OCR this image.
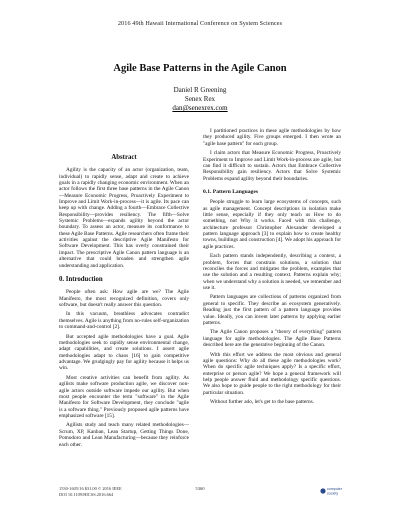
2016 49th Hawaii International Conference on System Sciences
Agile Base Patterns in the Agile Canon
Daniel R Greening
Senex Rex
dan@senexrex.com
Abstract

Agility is the capacity of an actor (organization, team, individual) to rapidly sense, adapt and create to achieve goals in a rapidly changing economic environment. When an actor follows the first three base patterns in the Agile Canon—Measure Economic Progress, Proactively Experiment to Improve and Limit Work-in-process—it is agile. Its pace can keep up with change. Adding a fourth—Embrace Collective Responsibility—provides resiliency. The fifth—Solve Systemic Problems—expands agility beyond the actor boundary. To assess an actor, measure its conformance to these Agile Base Patterns. Agile researchers often frame their activities against the descriptive Agile Manifesto for Software Development. This has overly constrained their impact. The prescriptive Agile Canon pattern language is an alternative that could broaden and strengthen agile understanding and application.

0. Introduction

People often ask: How agile are we? The Agile Manifesto, the most recognized definition, covers only software, but doesn't really answer this question.

In this vacuum, breathless advocates contradict themselves. Agile is anything from no-rules self-organization to command-and-control [2].

But accepted agile methodologies have a goal. Agile methodologies seek to rapidly sense environmental change, adapt capabilities, and create solutions. I assert agile methodologies adapt to chaos [16] to gain competitive advantage. We grudgingly pay for agility because it helps us win.

Most creative activities can benefit from agility. As agilists make software production agile, we discover non-agile actors outside software impede our agility. But when most people encounter the term "software" in the Agile Manifesto for Software Development, they conclude "agile is a software thing." Previously proposed agile patterns have emphasized software [15].

Agilists study and teach many related methodologies—Scrum, XP, Kanban, Lean Startup, Getting Things Done, Pomodoro and Lean Manufacturing—because they reinforce each other.

I partitioned practices in these agile methodologies by how they produced agility. Five groups emerged. I then wrote an "agile base pattern" for each group.

I claim actors that Measure Economic Progress, Proactively Experiment to Improve and Limit Work-in-process are agile, but can find it difficult to sustain. Actors that Embrace Collective Responsibility gain resiliency. Actors that Solve Systemic Problems expand agility beyond their boundaries.

0.1. Pattern Languages

People struggle to learn large ecosystems of concepts, such as agile management. Concept descriptions in isolation make little sense, especially if they only teach us How to do something, not Why it works. Faced with this challenge, architecture professor Christopher Alexander developed a pattern language approach [3] to explain how to create healthy towns, buildings and construction [4]. We adopt his approach for agile practices.

Each pattern stands independently, describing a context, a problem, forces that constrain solutions, a solution that reconciles the forces and mitigates the problem, examples that use the solution and a resulting context. Patterns explain why; when we understand why a solution is needed, we remember and use it.

Pattern languages are collections of patterns organized from general to specific. They describe an ecosystem generatively. Reading just the first pattern of a pattern language provides value. Ideally, you can invent later patterns by applying earlier patterns.

The Agile Canon proposes a "theory of everything" pattern language for agile methodologies. The Agile Base Patterns described here are the generative beginning of the Canon.

With this effort we address the most obvious and general agile questions: Why do all these agile methodologies work? When do specific agile techniques apply? Is a specific effort, enterprise or person agile? We hope a general framework will help people answer fluid and methodology specific questions. We also hope to guide people to the right methodology for their particular situation.

Without further ado, let's get to the base patterns.

1530-1605/16 $31.00 © 2016 IEEE
DOI 10.1109/HICSS.2016.664
5360	computer
society
